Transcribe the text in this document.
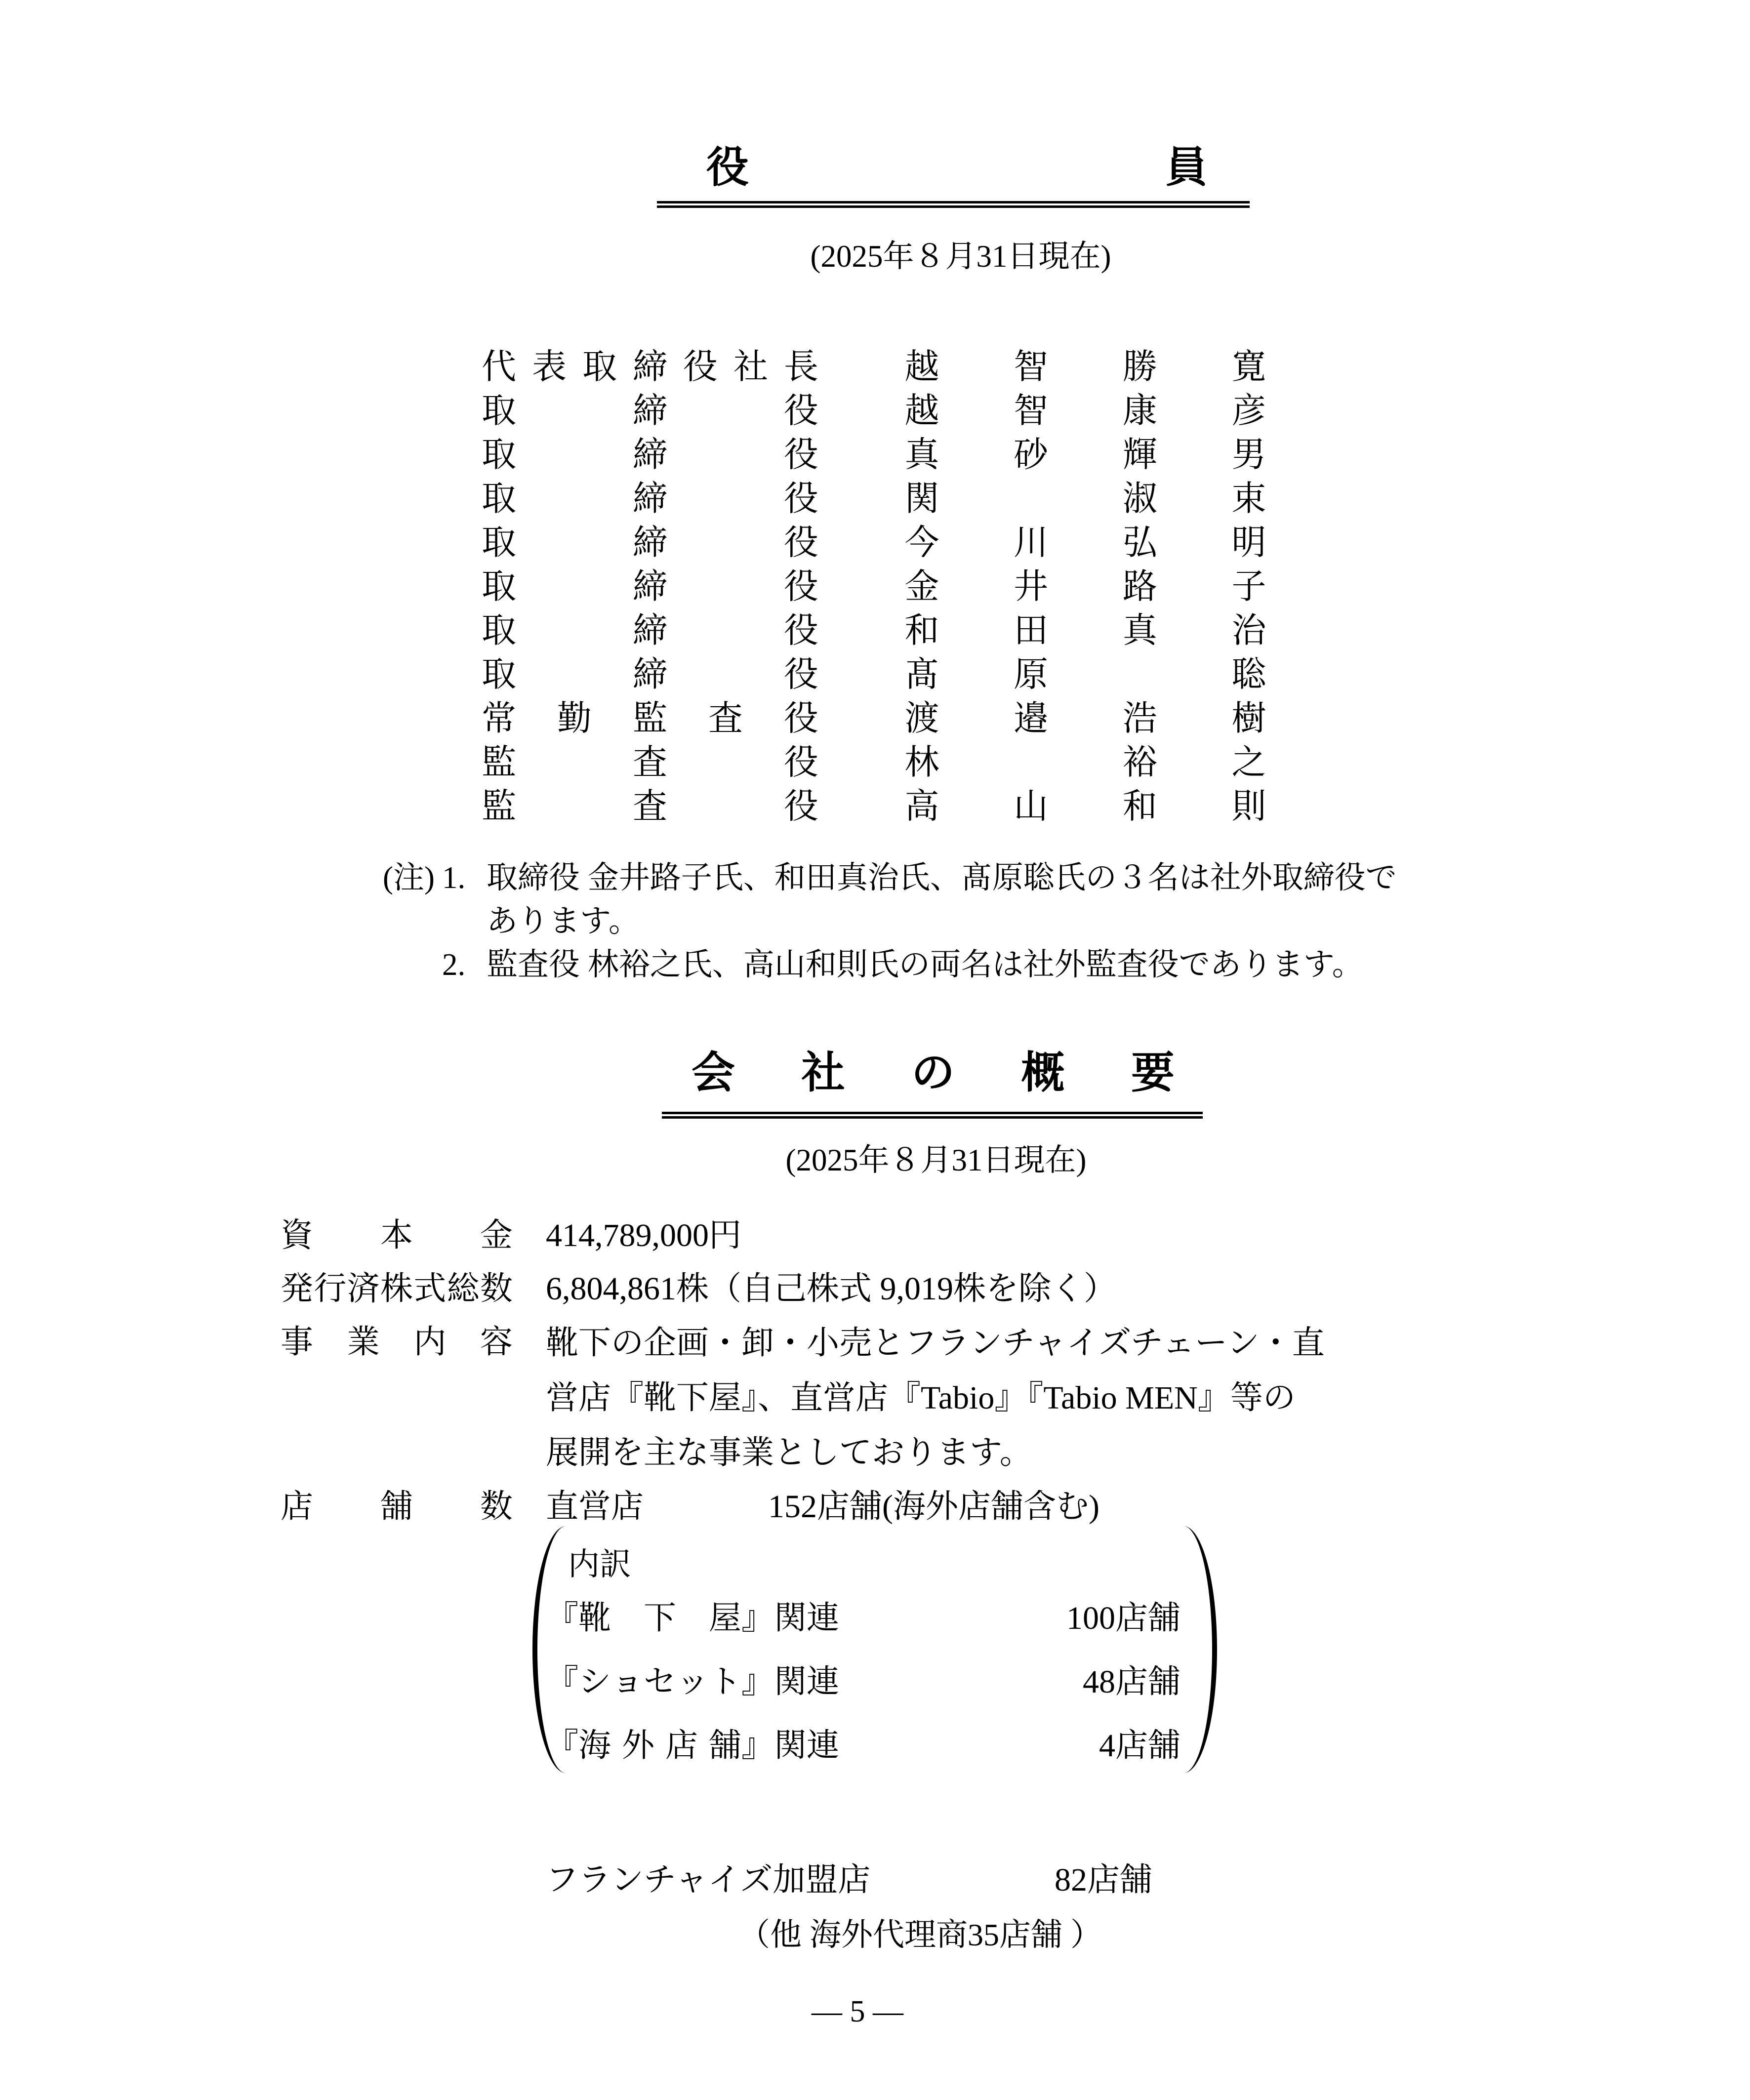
役	員
(2025年８月31日現在)
代 表 取 締 役 社 長 越 智 勝 寛
取	締	役 越 智 康 彦
取	締	役 真 砂 輝 男
取	締	役 関	淑 束
取	締	役 今 川 弘 明
取	締	役 金 井 路 子
取	締	役 和 田 真 治
取	締	役 髙 原	聡
常 勤 監 査 役 渡 邉 浩 樹
監	査	役 林	裕 之
監	査	役 高 山 和 則
(注) 1. 取締役 金井路子氏、和田真治氏、髙原聡氏の３名は社外取締役で
あります。
2. 監査役 林裕之氏、高山和則氏の両名は社外監査役であります。
会 社 の 概 要
(2025年８月31日現在)
資 本 金 414,789,000円
発 行 済 株 式 総 数 6,804,861株（自己株式 9,019株を除く）
事 業 内 容 靴下の企画・卸・小売とフランチャイズチェーン・直
営店『靴下屋』、直営店『Tabio』『Tabio MEN』等の
展開を主な事業としております。
店 舗 数 直営店	152店舗(海外店舗含む)
内訳
『 靴 下 屋 』関連	100店舗
『 シ ョ セ ッ ト 』関連	48店舗
『 海 外 店 舗 』関連	4店舗
フランチャイズ加盟店	82店舗
（他 海外代理商35店舗 ）
― 5 ―
